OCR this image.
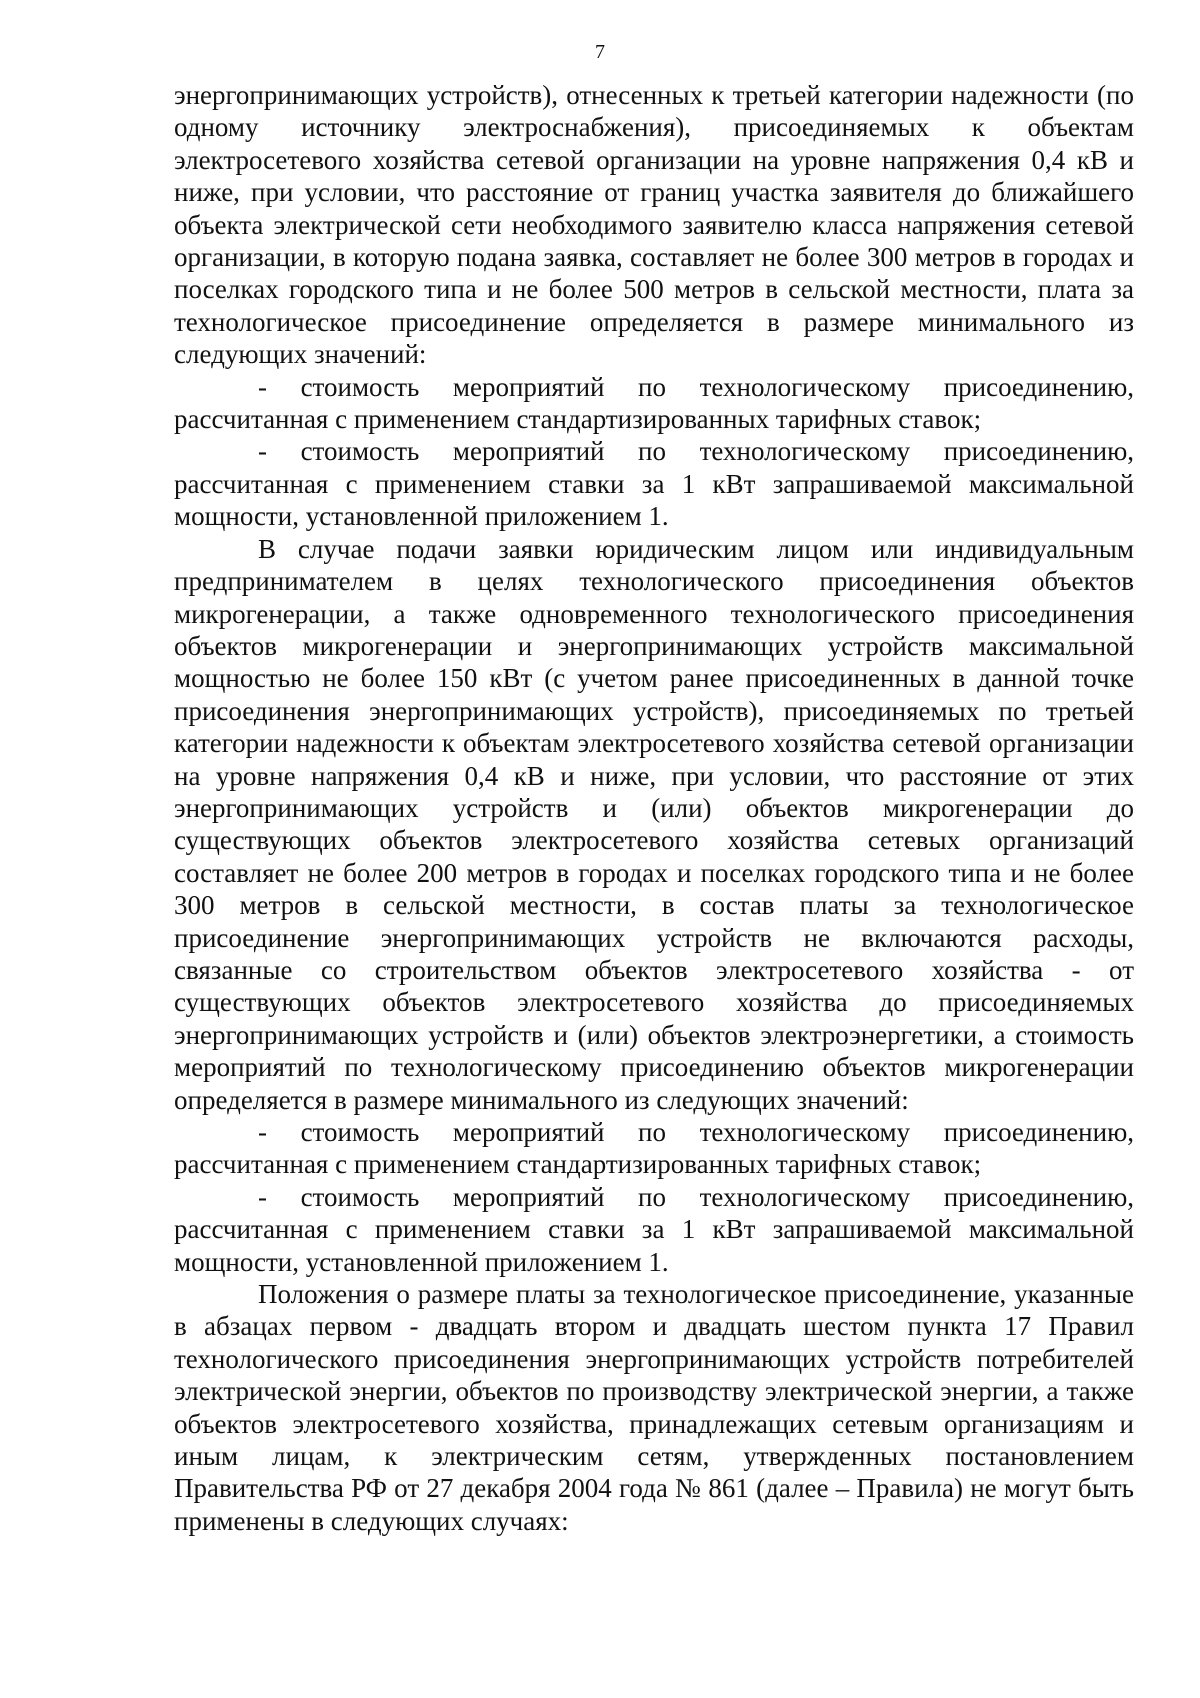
7

энергопринимающих устройств), отнесенных к третьей категории надежности (по одному источнику электроснабжения), присоединяемых к объектам электросетевого хозяйства сетевой организации на уровне напряжения 0,4 кВ и ниже, при условии, что расстояние от границ участка заявителя до ближайшего объекта электрической сети необходимого заявителю класса напряжения сетевой организации, в которую подана заявка, составляет не более 300 метров в городах и поселках городского типа и не более 500 метров в сельской местности, плата за технологическое присоединение определяется в размере минимального из следующих значений:

- стоимость мероприятий по технологическому присоединению, рассчитанная с применением стандартизированных тарифных ставок;

- стоимость мероприятий по технологическому присоединению, рассчитанная с применением ставки за 1 кВт запрашиваемой максимальной мощности, установленной приложением 1.

В случае подачи заявки юридическим лицом или индивидуальным предпринимателем в целях технологического присоединения объектов микрогенерации, а также одновременного технологического присоединения объектов микрогенерации и энергопринимающих устройств максимальной мощностью не более 150 кВт (с учетом ранее присоединенных в данной точке присоединения энергопринимающих устройств), присоединяемых по третьей категории надежности к объектам электросетевого хозяйства сетевой организации на уровне напряжения 0,4 кВ и ниже, при условии, что расстояние от этих энергопринимающих устройств и (или) объектов микрогенерации до существующих объектов электросетевого хозяйства сетевых организаций составляет не более 200 метров в городах и поселках городского типа и не более 300 метров в сельской местности, в состав платы за технологическое присоединение энергопринимающих устройств не включаются расходы, связанные со строительством объектов электросетевого хозяйства - от существующих объектов электросетевого хозяйства до присоединяемых энергопринимающих устройств и (или) объектов электроэнергетики, а стоимость мероприятий по технологическому присоединению объектов микрогенерации определяется в размере минимального из следующих значений:

- стоимость мероприятий по технологическому присоединению, рассчитанная с применением стандартизированных тарифных ставок;

- стоимость мероприятий по технологическому присоединению, рассчитанная с применением ставки за 1 кВт запрашиваемой максимальной мощности, установленной приложением 1.

Положения о размере платы за технологическое присоединение, указанные в абзацах первом - двадцать втором и двадцать шестом пункта 17 Правил технологического присоединения энергопринимающих устройств потребителей электрической энергии, объектов по производству электрической энергии, а также объектов электросетевого хозяйства, принадлежащих сетевым организациям и иным лицам, к электрическим сетям, утвержденных постановлением Правительства РФ от 27 декабря 2004 года № 861 (далее – Правила) не могут быть применены в следующих случаях:
